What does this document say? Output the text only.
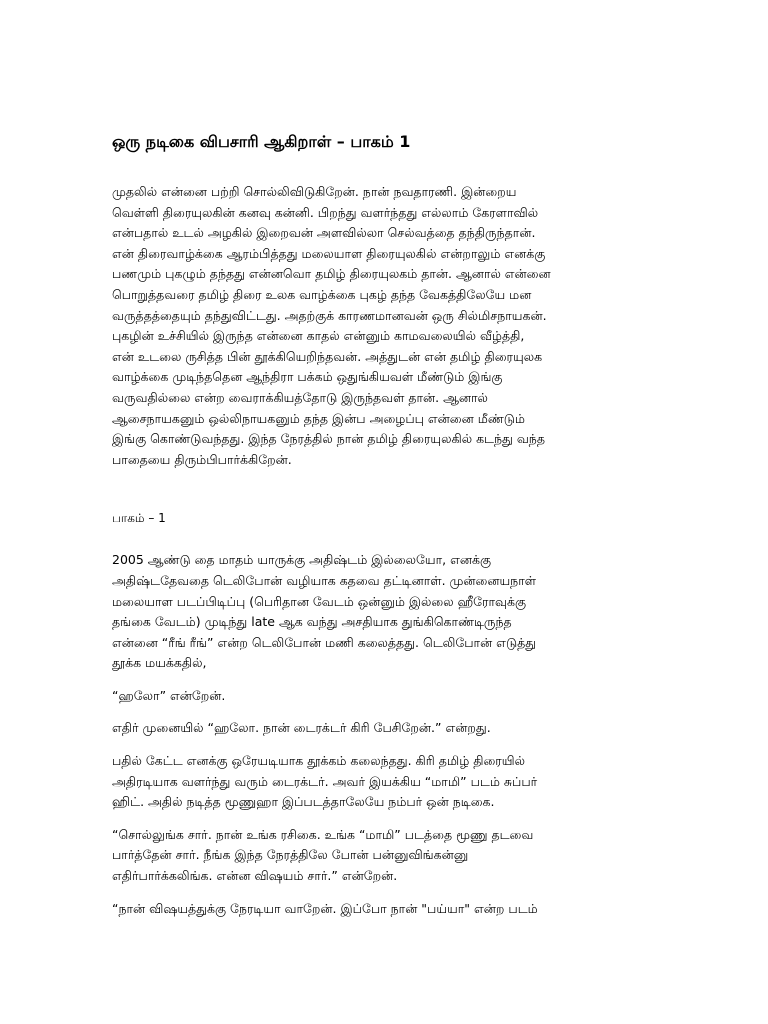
ஒரு நடிகை விபசாரி ஆகிறாள் – பாகம் 1
முதலில் என்னை பற்றி சொல்லிவிடுகிறேன். நான் நவதாரணி. இன்றைய
வெள்ளி திரையுலகின் கனவு கன்னி. பிறந்து வளர்ந்தது எல்லாம் கேரளாவில்
என்பதால் உடல் அழகில் இறைவன் அளவில்லா செல்வத்தை தந்திருந்தான்.
என் திரைவாழ்க்கை ஆரம்பித்தது மலையாள திரையுலகில் என்றாலும் எனக்கு
பணமும் புகழும் தந்தது என்னவொ தமிழ் திரையுலகம் தான். ஆனால் என்னை
பொறுத்தவரை தமிழ் திரை உலக வாழ்க்கை புகழ் தந்த வேகத்திலேயே மன
வருத்தத்தையும் தந்துவிட்டது. அதற்குக் காரணமானவன் ஒரு சில்மிசநாயகன்.
புகழின் உச்சியில் இருந்த என்னை காதல் என்னும் காமவலையில் வீழ்த்தி,
என் உடலை ருசித்த பின் தூக்கியெறிந்தவன். அத்துடன் என் தமிழ் திரையுலக
வாழ்க்கை முடிந்ததென ஆந்திரா பக்கம் ஒதுங்கியவள் மீண்டும் இங்கு
வருவதில்லை என்ற வைராக்கியத்தோடு இருந்தவள் தான். ஆனால்
ஆசைநாயகனும் ஒல்லிநாயகனும் தந்த இன்ப அழைப்பு என்னை மீண்டும்
இங்கு கொண்டுவந்தது. இந்த நேரத்தில் நான் தமிழ் திரையுலகில் கடந்து வந்த
பாதையை திரும்பிபார்க்கிறேன்.

பாகம் – 1

2005 ஆண்டு தை மாதம் யாருக்கு அதிஷ்டம் இல்லையோ, எனக்கு
அதிஷ்டதேவதை டெலிபோன் வழியாக கதவை தட்டினாள். முன்னையநாள்
மலையாள படப்பிடிப்பு (பெரிதான வேடம் ஒன்னும் இல்லை ஹீரோவுக்கு
தங்கை வேடம்) முடிந்து late ஆக வந்து அசதியாக துங்கிகொண்டிருந்த
என்னை “ரீங் ரீங்” என்ற டெலிபோன் மணி கலைத்தது. டெலிபோன் எடுத்து
தூக்க மயக்கதில்,
“ஹலோ” என்றேன்.
எதிர் முனையில் “ஹலோ. நான் டைரக்டர் கிரி பேசிறேன்.” என்றது.
பதில் கேட்ட எனக்கு ஒரேயடியாக தூக்கம் கலைந்தது. கிரி தமிழ் திரையில்
அதிரடியாக வளர்ந்து வரும் டைரக்டர். அவர் இயக்கிய “மாமி” படம் சுப்பர்
ஹிட். அதில் நடித்த மூணுஹா இப்படத்தாலேயே நம்பர் ஒன் நடிகை.
“சொல்லுங்க சார். நான் உங்க ரசிகை. உங்க “மாமி” படத்தை மூணு தடவை
பார்த்தேன் சார். நீங்க இந்த நேரத்திலே போன் பன்னுவிங்கன்னு
எதிர்பார்க்கலிங்க. என்ன விஷயம் சார்.” என்றேன்.
“நான் விஷயத்துக்கு நேரடியா வாறேன். இப்போ நான் "பய்யா" என்ற படம்
